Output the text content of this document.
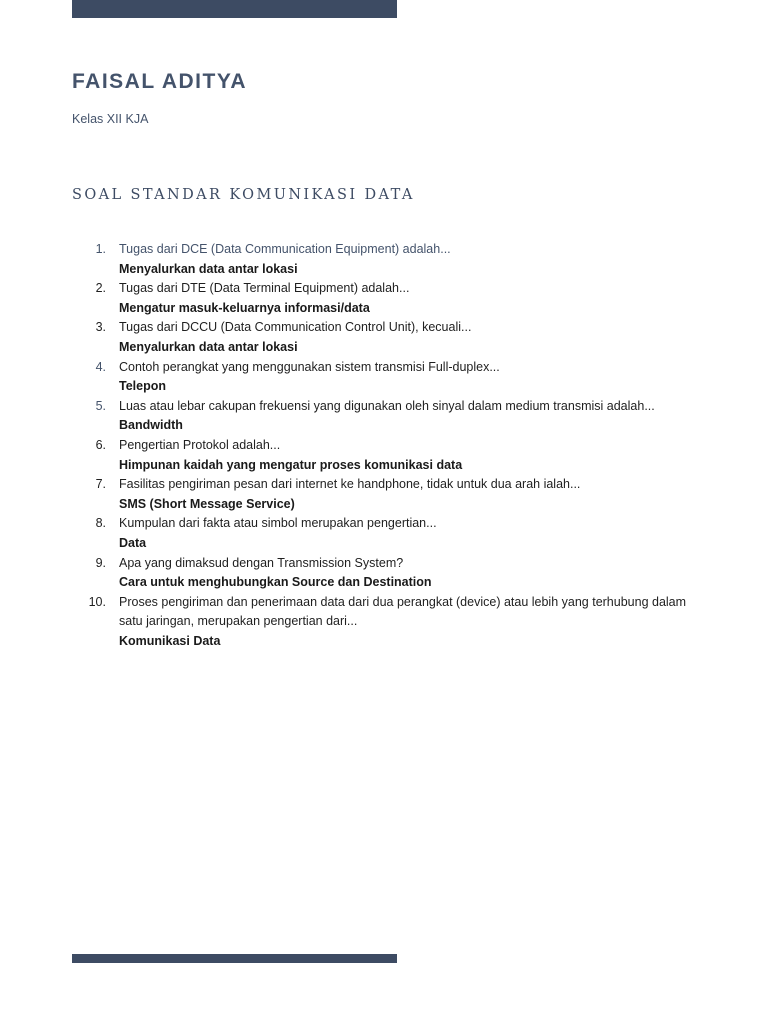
FAISAL ADITYA
Kelas XII KJA
SOAL STANDAR KOMUNIKASI DATA
1. Tugas dari DCE (Data Communication Equipment) adalah...
Menyalurkan data antar lokasi
2. Tugas dari DTE (Data Terminal Equipment) adalah...
Mengatur masuk-keluarnya informasi/data
3. Tugas dari DCCU (Data Communication Control Unit), kecuali...
Menyalurkan data antar lokasi
4. Contoh perangkat yang menggunakan sistem transmisi Full-duplex...
Telepon
5. Luas atau lebar cakupan frekuensi yang digunakan oleh sinyal dalam medium transmisi adalah...
Bandwidth
6. Pengertian Protokol adalah...
Himpunan kaidah yang mengatur proses komunikasi data
7. Fasilitas pengiriman pesan dari internet ke handphone, tidak untuk dua arah ialah...
SMS (Short Message Service)
8. Kumpulan dari fakta atau simbol merupakan pengertian...
Data
9. Apa yang dimaksud dengan Transmission System?
Cara untuk menghubungkan Source dan Destination
10. Proses pengiriman dan penerimaan data dari dua perangkat (device) atau lebih yang terhubung dalam satu jaringan, merupakan pengertian dari...
Komunikasi Data
